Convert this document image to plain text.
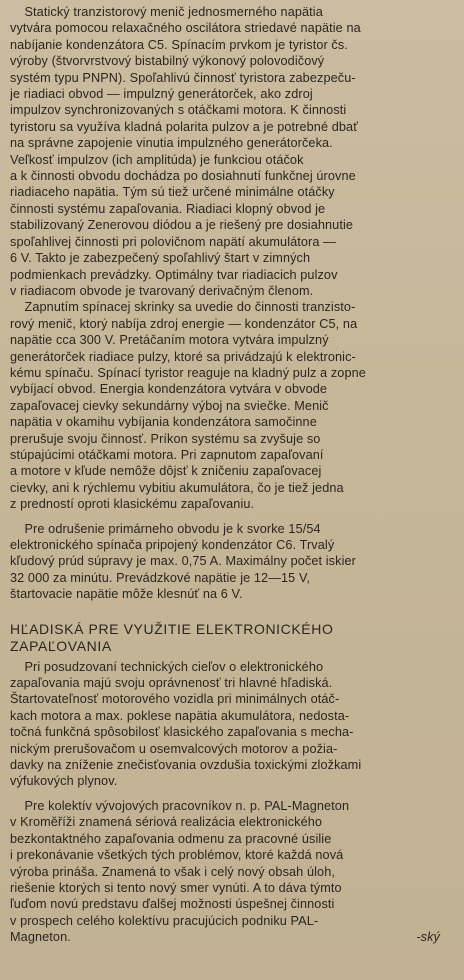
Statický tranzistorový menič jednosmerného napätia
vytvára pomocou relaxačného oscilátora striedavé napätie na
nabíjanie kondenzátora C5. Spínacím prvkom je tyristor čs.
výroby (štvorvrstvový bistabilný výkonový polovodičový
systém typu PNPN). Spoľahlivú činnosť tyristora zabezpeču-
je riadiaci obvod — impulzný generátorček, ako zdroj
impulzov synchronizovaných s otáčkami motora. K činnosti
tyristoru sa využíva kladná polarita pulzov a je potrebné dbať
na správne zapojenie vinutia impulzného generátorčeka.
Veľkosť impulzov (ich amplitúda) je funkciou otáčok
a k činnosti obvodu dochádza po dosiahnutí funkčnej úrovne
riadiaceho napätia. Tým sú tiež určené minimálne otáčky
činnosti systému zapaľovania. Riadiaci klopný obvod je
stabilizovaný Zenerovou diódou a je riešený pre dosiahnutie
spoľahlivej činnosti pri polovičnom napätí akumulátora —
6 V. Takto je zabezpečený spoľahlivý štart v zimných
podmienkach prevádzky. Optimálny tvar riadiacich pulzov
v riadiacom obvode je tvarovaný derivačným členom.
Zapnutím spínacej skrinky sa uvedie do činnosti tranzisto-
rový menič, ktorý nabíja zdroj energie — kondenzátor C5, na
napätie cca 300 V. Pretáčaním motora vytvára impulzný
generátorček riadiace pulzy, ktoré sa privádzajú k elektronic-
kému spínaču. Spínací tyristor reaguje na kladný pulz a zopne
vybíjací obvod. Energia kondenzátora vytvára v obvode
zapaľovacej cievky sekundárny výboj na sviečke. Menič
napätia v okamihu vybíjania kondenzátora samočinne
prerušuje svoju činnosť. Príkon systému sa zvyšuje so
stúpajúcimi otáčkami motora. Pri zapnutom zapaľovaní
a motore v kľude nemôže dôjsť k zničeniu zapaľovacej
cievky, ani k rýchlemu vybitiu akumulátora, čo je tiež jedna
z predností oproti klasickému zapaľovaniu.
Pre odrušenie primárneho obvodu je k svorke 15/54
elektronického spínača pripojený kondenzátor C6. Trvalý
kľudový prúd súpravy je max. 0,75 A. Maximálny počet iskier
32 000 za minútu. Prevádzkové napätie je 12—15 V,
štartovacie napätie môže klesnúť na 6 V.
HĽADISKÁ PRE VYUŽITIE ELEKTRONICKÉHO
ZAPAĽOVANIA
Pri posudzovaní technických cieľov o elektronického
zapaľovania majú svoju oprávnenosť tri hlavné hľadiská.
Štartovateľnosť motorového vozidla pri minimálnych otáč-
kach motora a max. poklese napätia akumulátora, nedosta-
točná funkčná spôsobilosť klasického zapaľovania s mecha-
nickým prerušovačom u osemvalcových motorov a požia-
davky na zníženie znečisťovania ovzdušia toxickými zložkami
výfukových plynov.
Pre kolektív vývojových pracovníkov n. p. PAL-Magneton
v Kroměříži znamená sériová realizácia elektronického
bezkontaktného zapaľovania odmenu za pracovné úsilie
i prekonávanie všetkých tých problémov, ktoré každá nová
výroba prináša. Znamená to však i celý nový obsah úloh,
riešenie ktorých si tento nový smer vynúti. A to dáva týmto
ľuďom novú predstavu ďalšej možnosti úspešnej činnosti
v prospech celého kolektívu pracujúcich podniku PAL-
Magneton.	-ský
